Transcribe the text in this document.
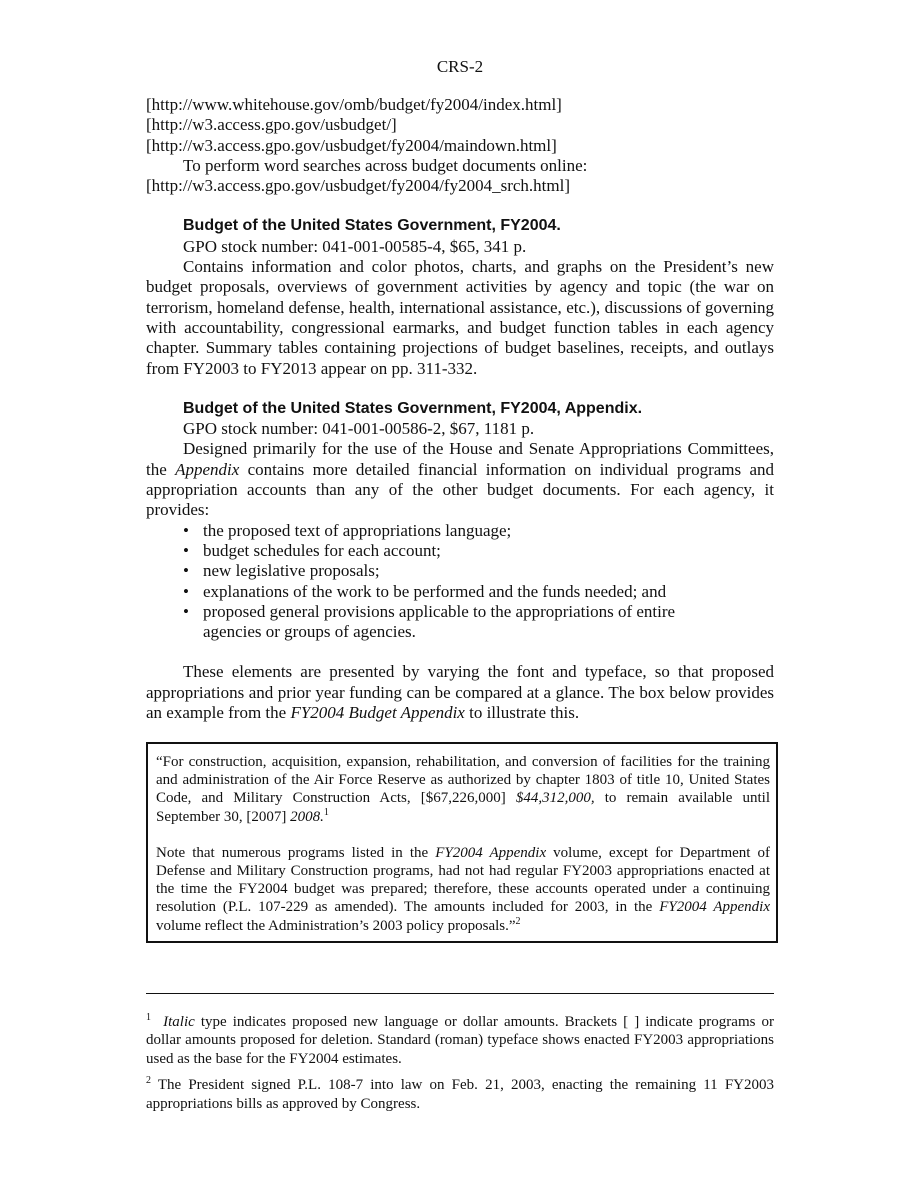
CRS-2
[http://www.whitehouse.gov/omb/budget/fy2004/index.html]
[http://w3.access.gpo.gov/usbudget/]
[http://w3.access.gpo.gov/usbudget/fy2004/maindown.html]
To perform word searches across budget documents online:
[http://w3.access.gpo.gov/usbudget/fy2004/fy2004_srch.html]
Budget of the United States Government, FY2004.
GPO stock number: 041-001-00585-4, $65, 341 p.

Contains information and color photos, charts, and graphs on the President’s new budget proposals, overviews of government activities by agency and topic (the war on terrorism, homeland defense, health, international assistance, etc.), discussions of governing with accountability, congressional earmarks, and budget function tables in each agency chapter. Summary tables containing projections of budget baselines, receipts, and outlays from FY2003 to FY2013 appear on pp. 311-332.

Budget of the United States Government, FY2004, Appendix.
GPO stock number: 041-001-00586-2, $67, 1181 p.

Designed primarily for the use of the House and Senate Appropriations Committees, the Appendix contains more detailed financial information on individual programs and appropriation accounts than any of the other budget documents. For each agency, it provides:

• the proposed text of appropriations language;
• budget schedules for each account;
• new legislative proposals;
• explanations of the work to be performed and the funds needed; and
• proposed general provisions applicable to the appropriations of entire agencies or groups of agencies.

These elements are presented by varying the font and typeface, so that proposed appropriations and prior year funding can be compared at a glance. The box below provides an example from the FY2004 Budget Appendix to illustrate this.

“For construction, acquisition, expansion, rehabilitation, and conversion of facilities for the training and administration of the Air Force Reserve as authorized by chapter 1803 of title 10, United States Code, and Military Construction Acts, [$67,226,000] $44,312,000, to remain available until September 30, [2007] 2008.$^1$

Note that numerous programs listed in the FY2004 Appendix volume, except for Department of Defense and Military Construction programs, had not had regular FY2003 appropriations enacted at the time the FY2004 budget was prepared; therefore, these accounts operated under a continuing resolution (P.L. 107-229 as amended). The amounts included for 2003, in the FY2004 Appendix volume reflect the Administration’s 2003 policy proposals.”$^2$

$^1$ Italic type indicates proposed new language or dollar amounts. Brackets [ ] indicate programs or dollar amounts proposed for deletion. Standard (roman) typeface shows enacted FY2003 appropriations used as the base for the FY2004 estimates.

$^2$ The President signed P.L. 108-7 into law on Feb. 21, 2003, enacting the remaining 11 FY2003 appropriations bills as approved by Congress.
